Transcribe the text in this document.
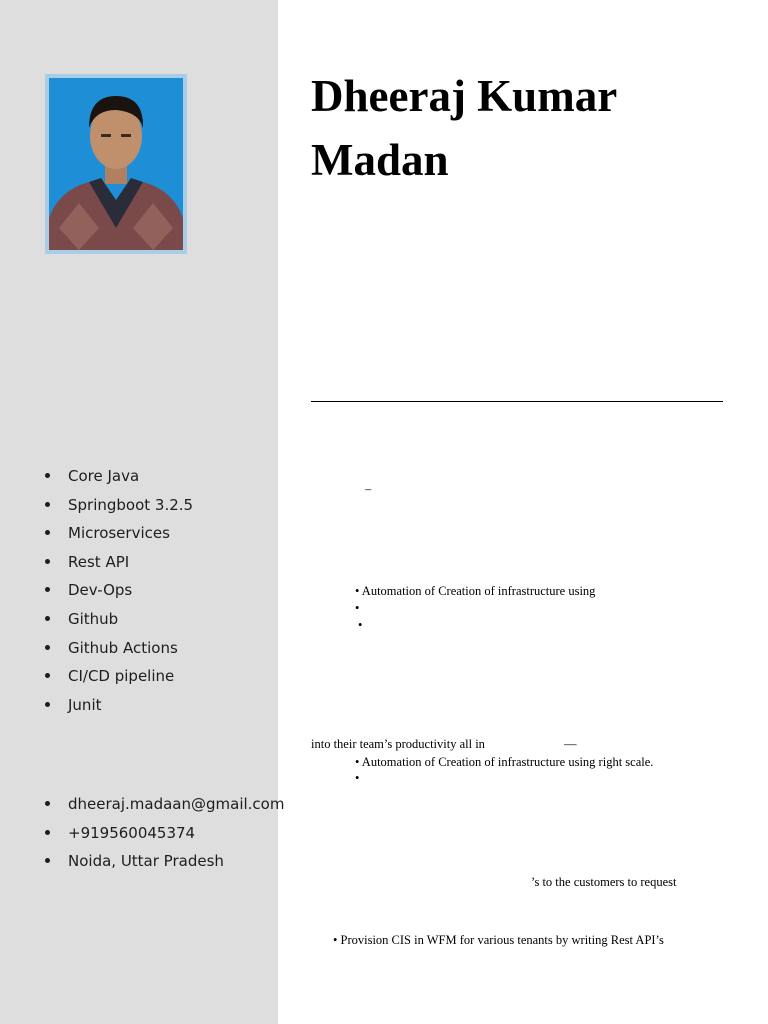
Core Java
Springboot 3.2.5
Microservices
Rest API
Dev-Ops
Github
Github Actions
CI/CD pipeline
Junit
dheeraj.madaan@gmail.com
+919560045374
Noida, Uttar Pradesh
Dheeraj Kumar
Madan
–
• Automation of Creation of infrastructure using
•
•
into their team’s productivity all in	—
• Automation of Creation of infrastructure using right scale.
•
’s to the customers to request
• Provision CIS in WFM for various tenants by writing Rest API’s
